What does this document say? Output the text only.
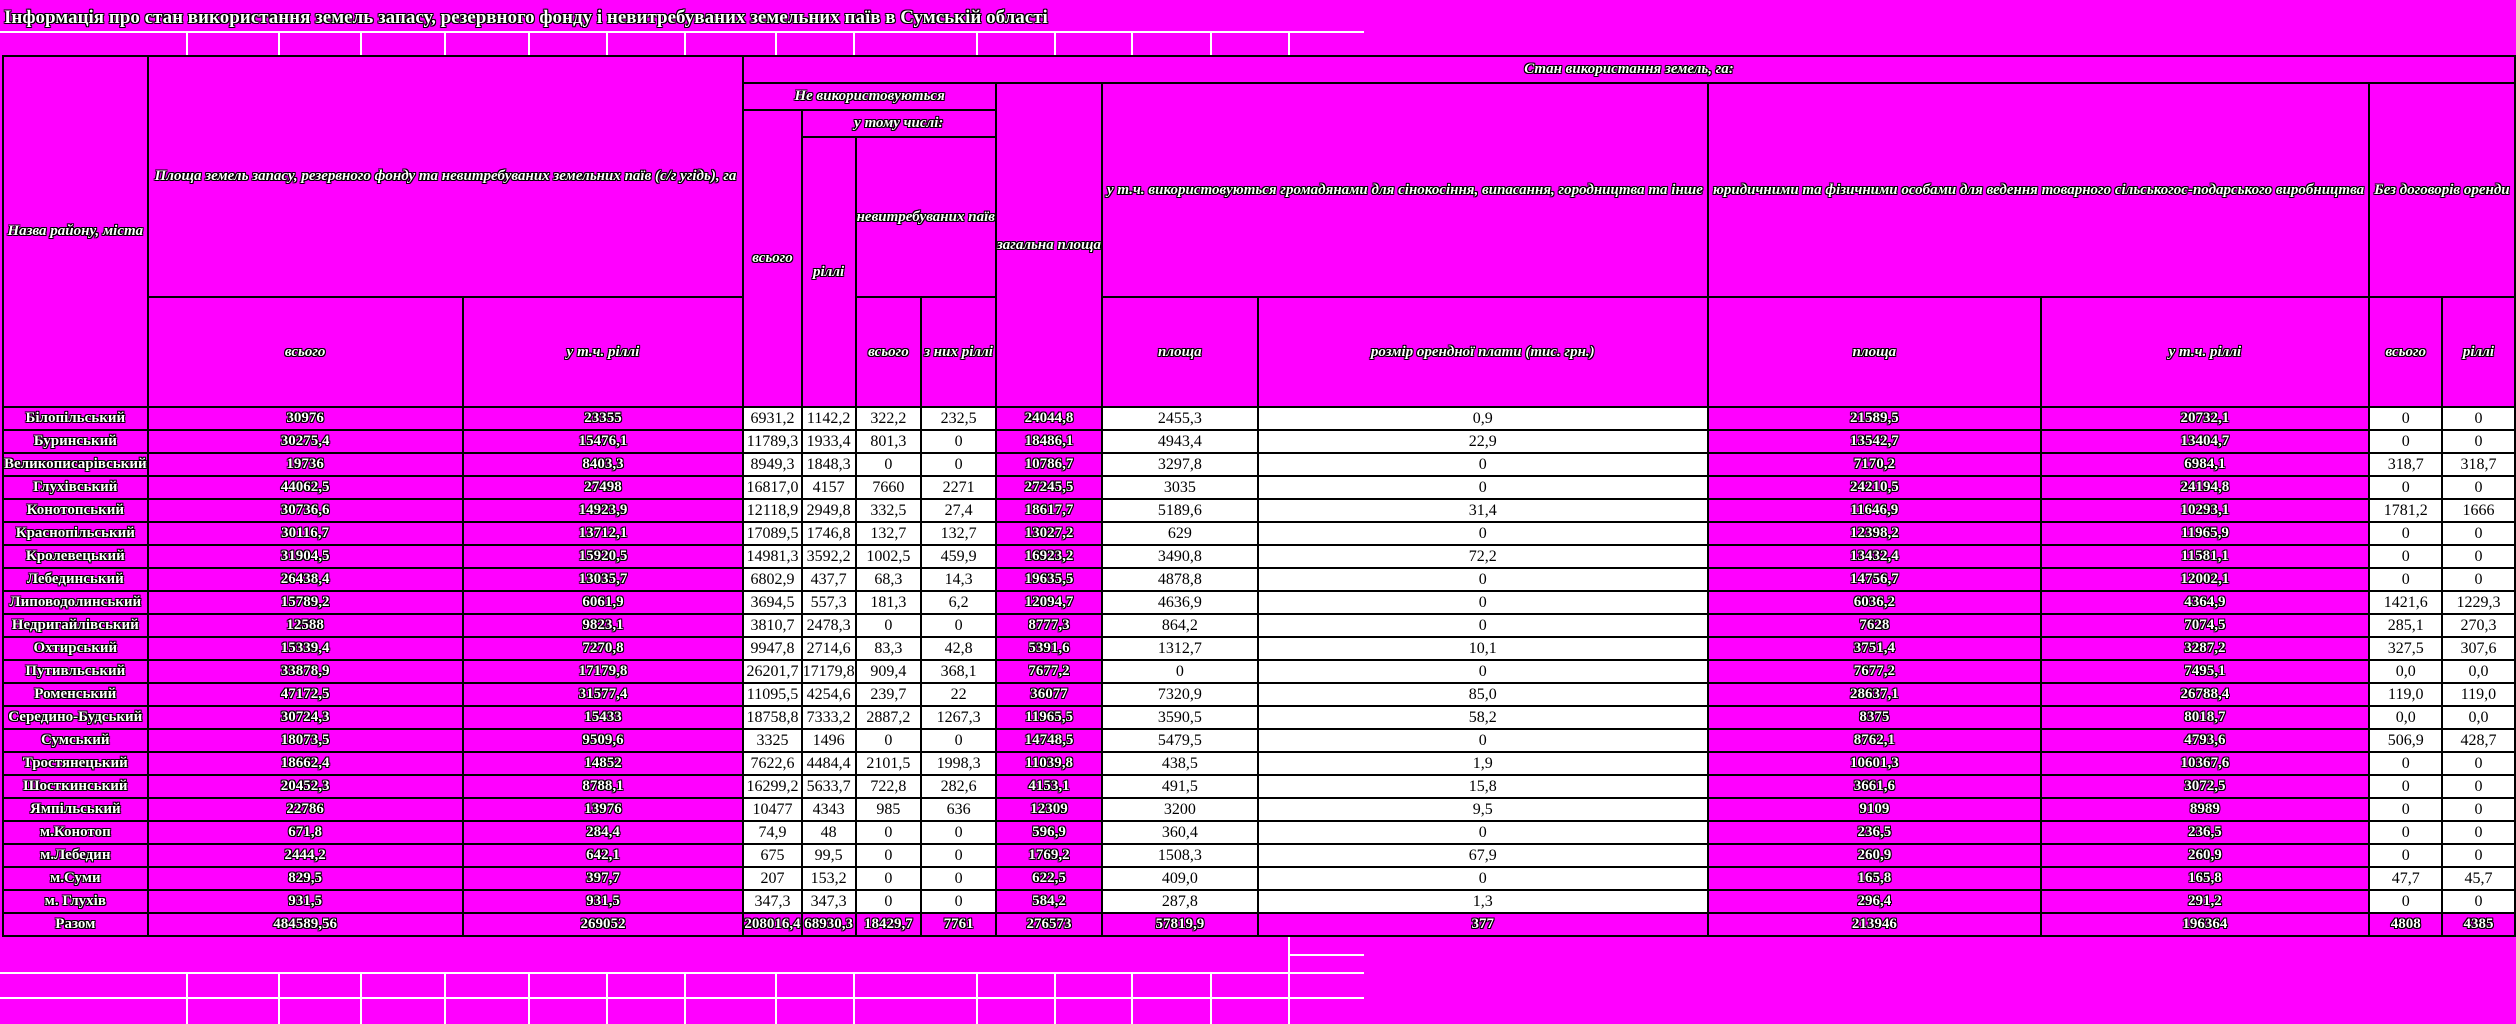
Інформація про стан використання земель запасу, резервного фонду і невитребуваних земельних паїв в Сумській області
Назва району, міста	Площа земель запасу, резервного фонду та невитребуваних земельних паїв (с/г угідь), га		Стан використання земель, га:										
			Не використовуються				загальна площа	у т.ч. використовуються громадянами для сінокосіння, випасання, городництва та інше		юридичними та фізичними особами для ведення товарного сільськогос-подарського виробництва		Без договорів оренди	
			всього	у тому числі:									
				ріллі	невитребуваних паїв								
	всього	у т.ч. ріллі			всього	з них ріллі		площа	розмір орендної плати (тис. грн.)	площа	у т.ч. ріллі	всього	ріллі
Білопільський	30976	23355	6931,2	1142,2	322,2	232,5	24044,8	2455,3	0,9	21589,5	20732,1	0	0
Буринський	30275,4	15476,1	11789,3	1933,4	801,3	0	18486,1	4943,4	22,9	13542,7	13404,7	0	0
Великописарівський	19736	8403,3	8949,3	1848,3	0	0	10786,7	3297,8	0	7170,2	6984,1	318,7	318,7
Глухівський	44062,5	27498	16817,0	4157	7660	2271	27245,5	3035	0	24210,5	24194,8	0	0
Конотопський	30736,6	14923,9	12118,9	2949,8	332,5	27,4	18617,7	5189,6	31,4	11646,9	10293,1	1781,2	1666
Краснопільський	30116,7	13712,1	17089,5	1746,8	132,7	132,7	13027,2	629	0	12398,2	11965,9	0	0
Кролевецький	31904,5	15920,5	14981,3	3592,2	1002,5	459,9	16923,2	3490,8	72,2	13432,4	11581,1	0	0
Лебединський	26438,4	13035,7	6802,9	437,7	68,3	14,3	19635,5	4878,8	0	14756,7	12002,1	0	0
Липоводолинський	15789,2	6061,9	3694,5	557,3	181,3	6,2	12094,7	4636,9	0	6036,2	4364,9	1421,6	1229,3
Недригайлівський	12588	9823,1	3810,7	2478,3	0	0	8777,3	864,2	0	7628	7074,5	285,1	270,3
Охтирський	15339,4	7270,8	9947,8	2714,6	83,3	42,8	5391,6	1312,7	10,1	3751,4	3287,2	327,5	307,6
Путивльський	33878,9	17179,8	26201,7	17179,8	909,4	368,1	7677,2	0	0	7677,2	7495,1	0,0	0,0
Роменський	47172,5	31577,4	11095,5	4254,6	239,7	22	36077	7320,9	85,0	28637,1	26788,4	119,0	119,0
Середино-Будський	30724,3	15433	18758,8	7333,2	2887,2	1267,3	11965,5	3590,5	58,2	8375	8018,7	0,0	0,0
Сумський	18073,5	9509,6	3325	1496	0	0	14748,5	5479,5	0	8762,1	4793,6	506,9	428,7
Тростянецький	18662,4	14852	7622,6	4484,4	2101,5	1998,3	11039,8	438,5	1,9	10601,3	10367,6	0	0
Шосткинський	20452,3	8788,1	16299,2	5633,7	722,8	282,6	4153,1	491,5	15,8	3661,6	3072,5	0	0
Ямпільський	22786	13976	10477	4343	985	636	12309	3200	9,5	9109	8989	0	0
м.Конотоп	671,8	284,4	74,9	48	0	0	596,9	360,4	0	236,5	236,5	0	0
м.Лебедин	2444,2	642,1	675	99,5	0	0	1769,2	1508,3	67,9	260,9	260,9	0	0
м.Суми	829,5	397,7	207	153,2	0	0	622,5	409,0	0	165,8	165,8	47,7	45,7
м. Глухів	931,5	931,5	347,3	347,3	0	0	584,2	287,8	1,3	296,4	291,2	0	0
Разом	484589,56	269052	208016,4	68930,3	18429,7	7761	276573	57819,9	377	213946	196364	4808	4385
